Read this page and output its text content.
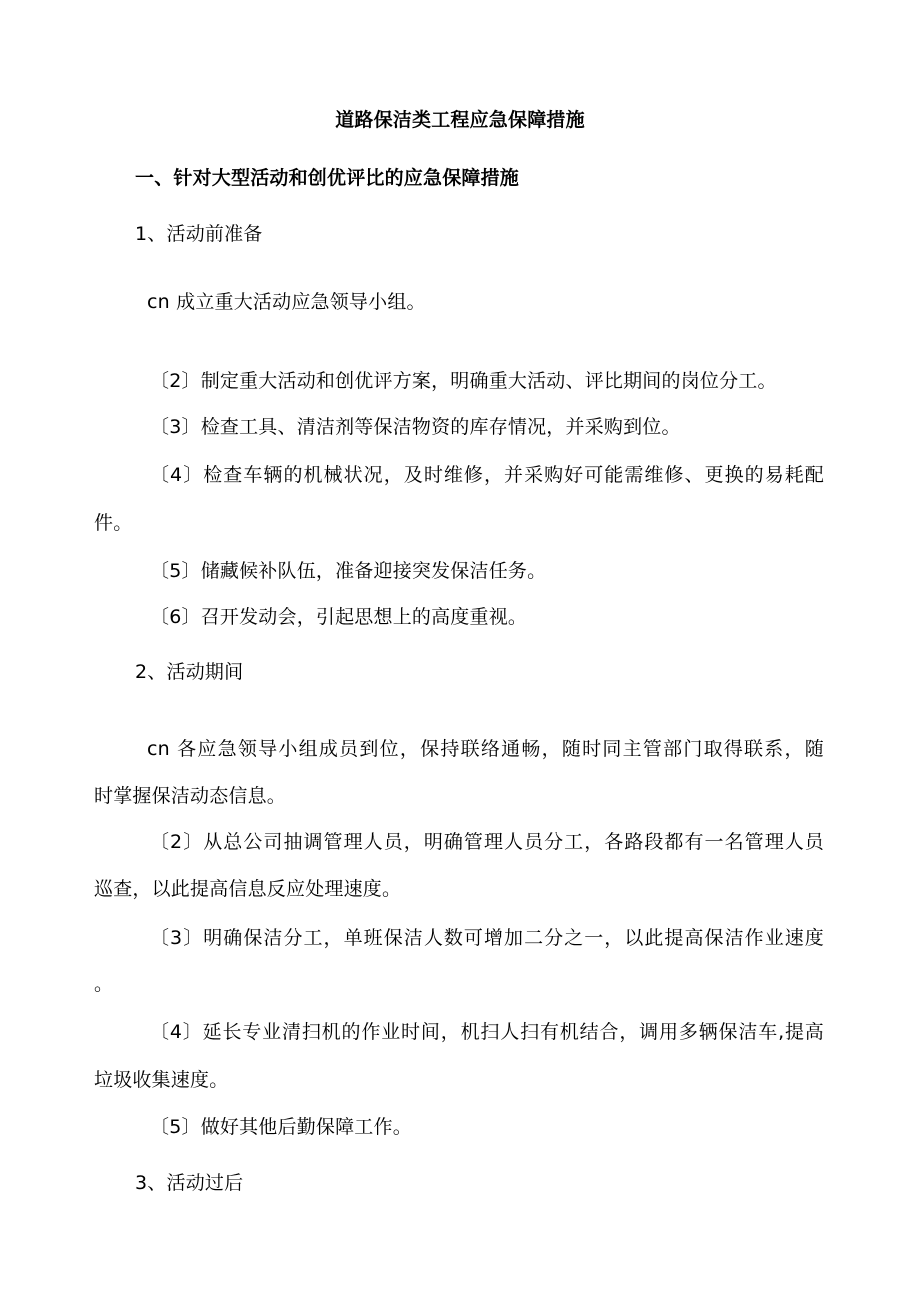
道路保洁类工程应急保障措施
一、针对大型活动和创优评比的应急保障措施
1、活动前准备
cn 成立重大活动应急领导小组。
〔2〕制定重大活动和创优评方案，明确重大活动、评比期间的岗位分工。
〔3〕检查工具、清洁剂等保洁物资的库存情况，并采购到位。
〔4〕检查车辆的机械状况，及时维修，并采购好可能需维修、更换的易耗配
件。
〔5〕储藏候补队伍，准备迎接突发保洁任务。
〔6〕召开发动会，引起思想上的高度重视。
2、活动期间
cn 各应急领导小组成员到位，保持联络通畅，随时同主管部门取得联系，随
时掌握保洁动态信息。
〔2〕从总公司抽调管理人员，明确管理人员分工，各路段都有一名管理人员
巡查，以此提高信息反应处理速度。
〔3〕明确保洁分工，单班保洁人数可增加二分之一，以此提高保洁作业速度
。
〔4〕延长专业清扫机的作业时间，机扫人扫有机结合，调用多辆保洁车,提高
垃圾收集速度。
〔5〕做好其他后勤保障工作。
3、活动过后
